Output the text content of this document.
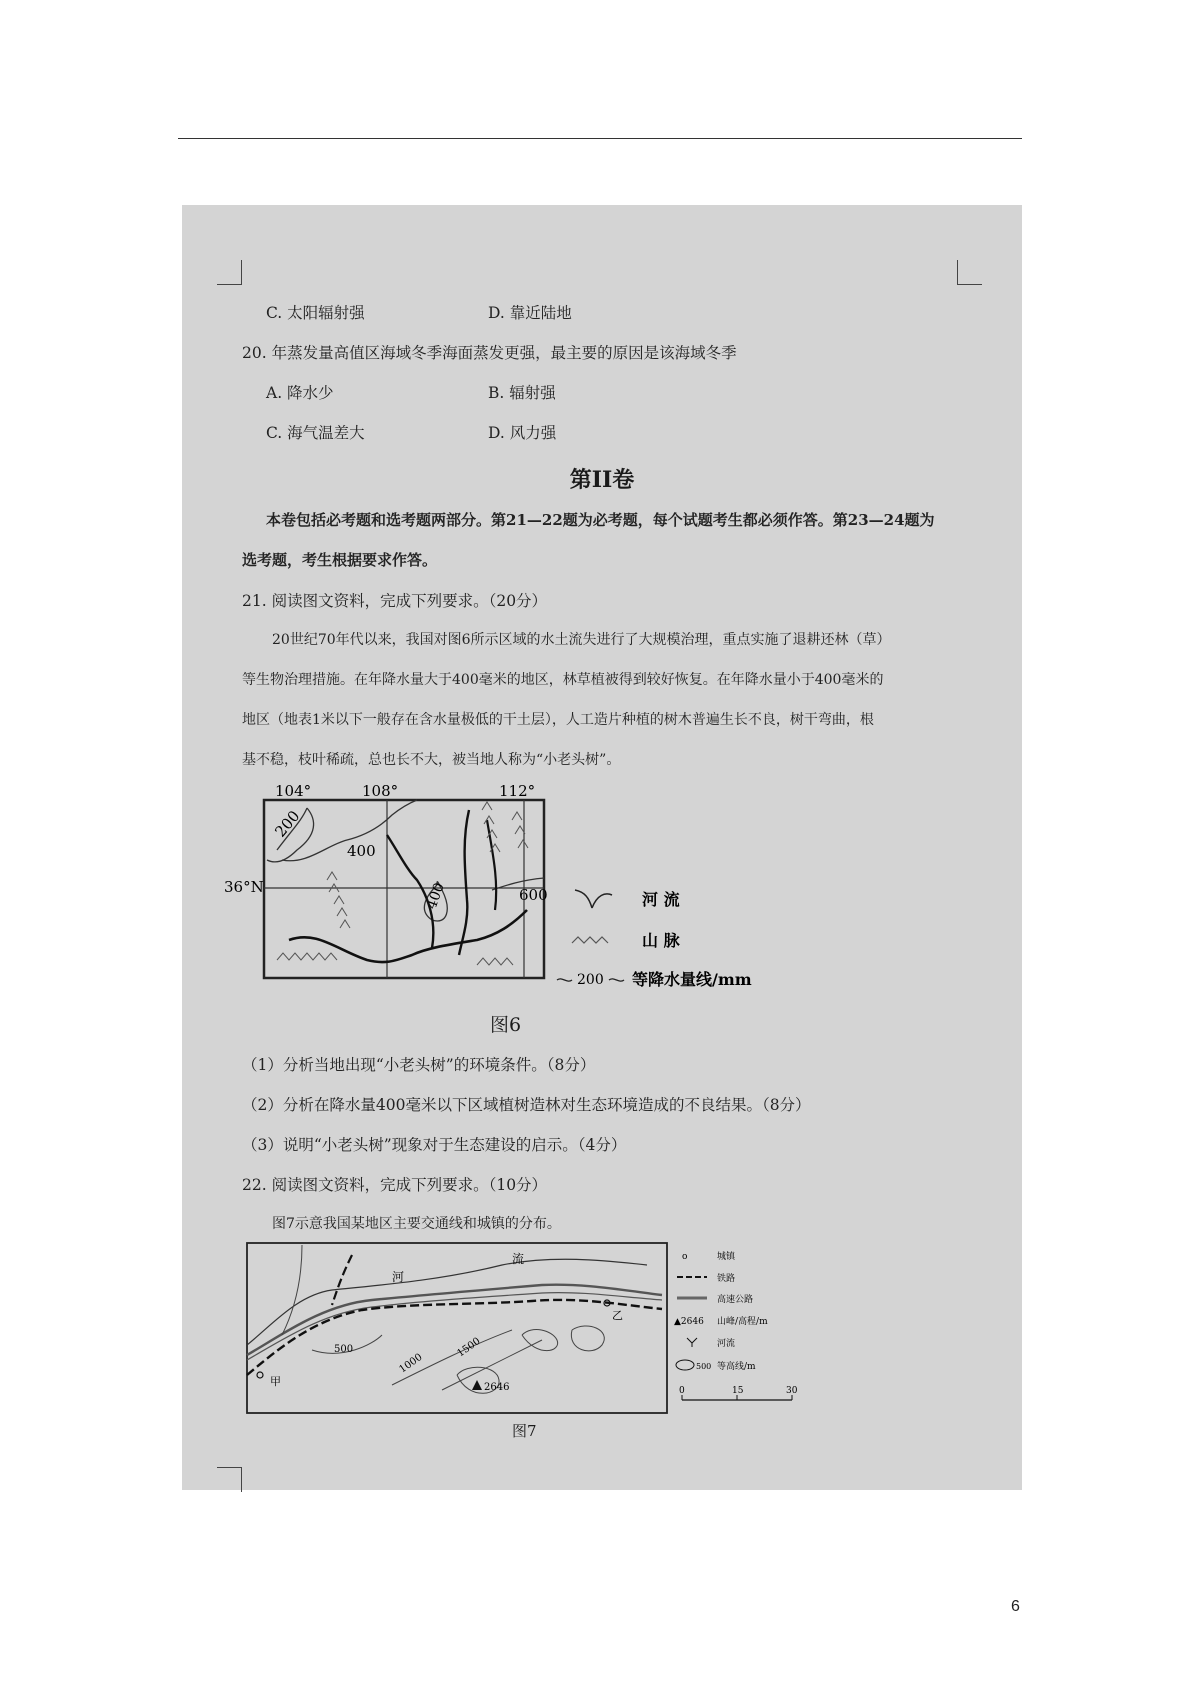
C. 太阳辐射强	D. 靠近陆地
20. 年蒸发量高值区海域冬季海面蒸发更强，最主要的原因是该海域冬季
A. 降水少	B. 辐射强
C. 海气温差大	D. 风力强
第II卷
本卷包括必考题和选考题两部分。第21—22题为必考题，每个试题考生都必须作答。第23—24题为
选考题，考生根据要求作答。
21. 阅读图文资料，完成下列要求。（20分）
20世纪70年代以来，我国对图6所示区域的水土流失进行了大规模治理，重点实施了退耕还林（草）
等生物治理措施。在年降水量大于400毫米的地区，林草植被得到较好恢复。在年降水量小于400毫米的
地区（地表1米以下一般存在含水量极低的干土层），人工造片种植的树木普遍生长不良，树干弯曲，根
基不稳，枝叶稀疏，总也长不大，被当地人称为“小老头树”。
104°	108°	112°
36°N
200
400
400	600	河 流
山 脉
200 等降水量线/mm
图6
（1）分析当地出现“小老头树”的环境条件。（8分）
（2）分析在降水量400毫米以下区域植树造林对生态环境造成的不良结果。（8分）
（3）说明“小老头树”现象对于生态建设的启示。（4分）
22. 阅读图文资料，完成下列要求。（10分）
图7示意我国某地区主要交通线和城镇的分布。
河
流
500
1000
1500
2646
甲
乙
o	城镇
铁路
高速公路
▲2646 山峰/高程/m
河流
500 等高线/m
0	15	30
图7
6
